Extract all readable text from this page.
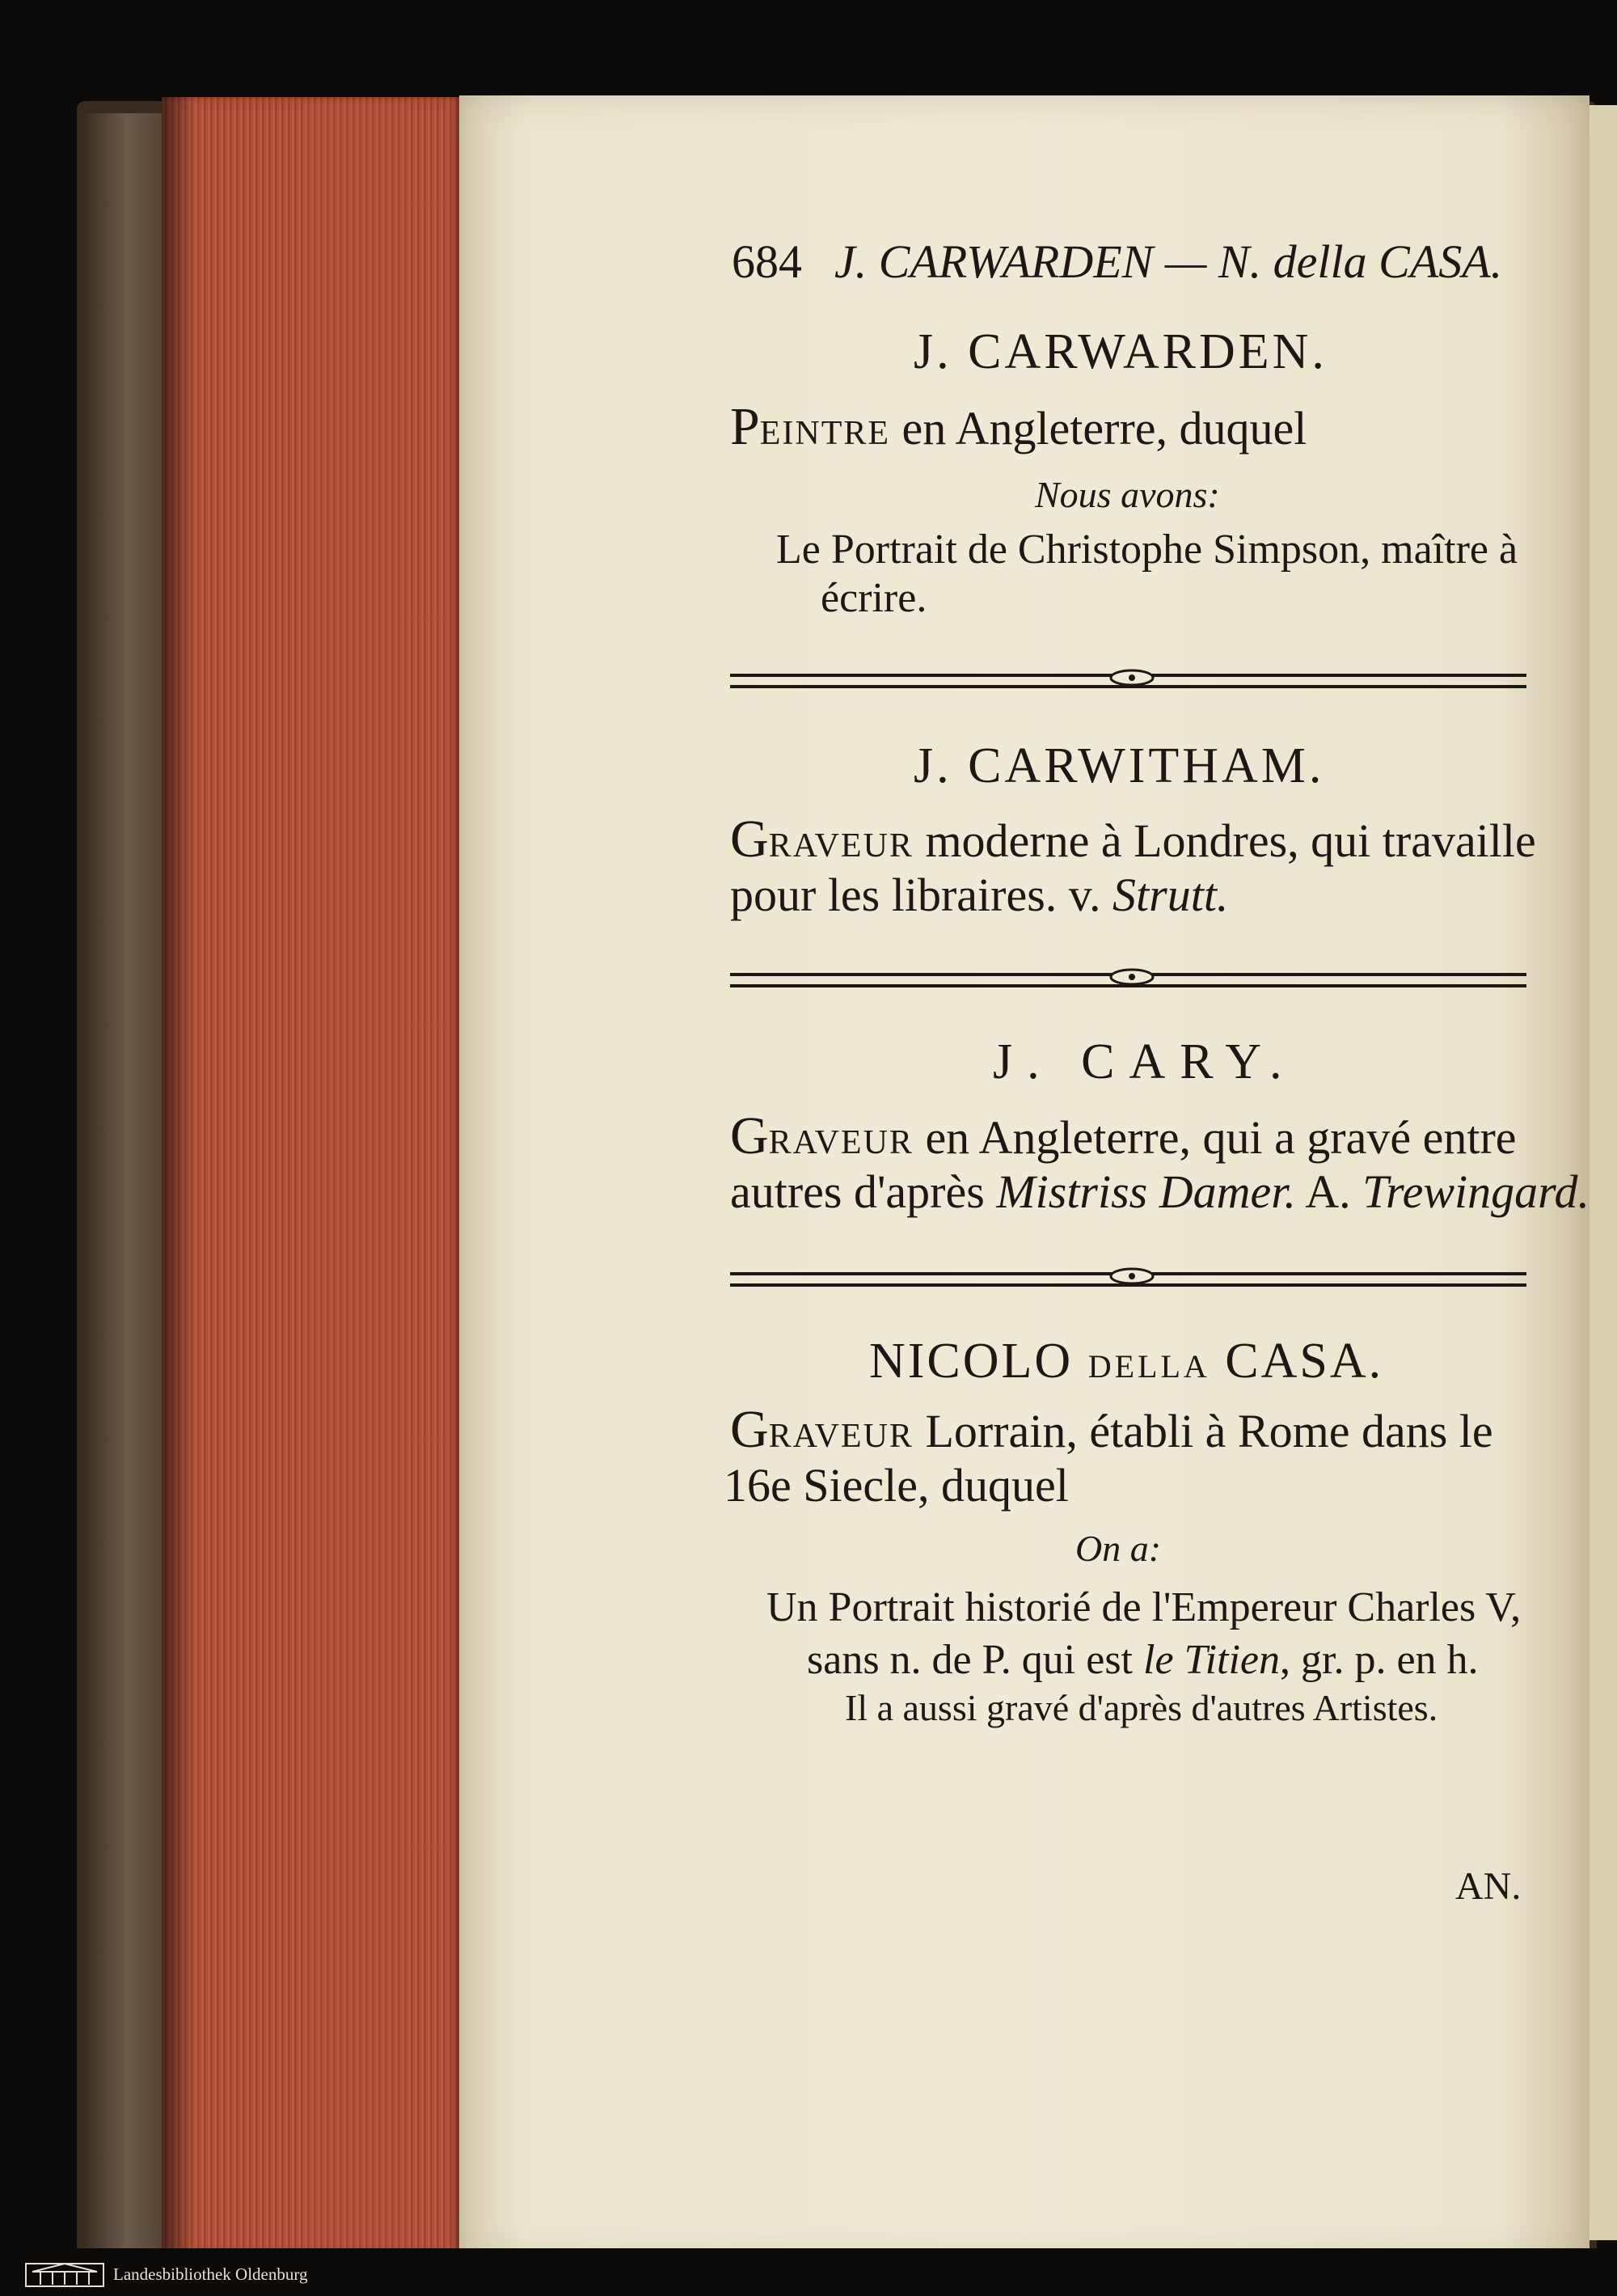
684 J. CARWARDEN — N. della CASA.
J. CARWARDEN.
PEINTRE en Angleterre, duquel
Nous avons:
Le Portrait de Christophe Simpson, maître à
écrire.
J. CARWITHAM.
GRAVEUR moderne à Londres, qui travaille
pour les libraires. v. Strutt.
J. CARY.
GRAVEUR en Angleterre, qui a gravé entre
autres d'après Mistriss Damer. A. Trewingard.
NICOLO DELLA CASA.
GRAVEUR Lorrain, établi à Rome dans le
16e Siecle, duquel
On a:
Un Portrait historié de l'Empereur Charles V,
sans n. de P. qui est le Titien, gr. p. en h.
Il a aussi gravé d'après d'autres Artistes.
AN.
Landesbibliothek Oldenburg
